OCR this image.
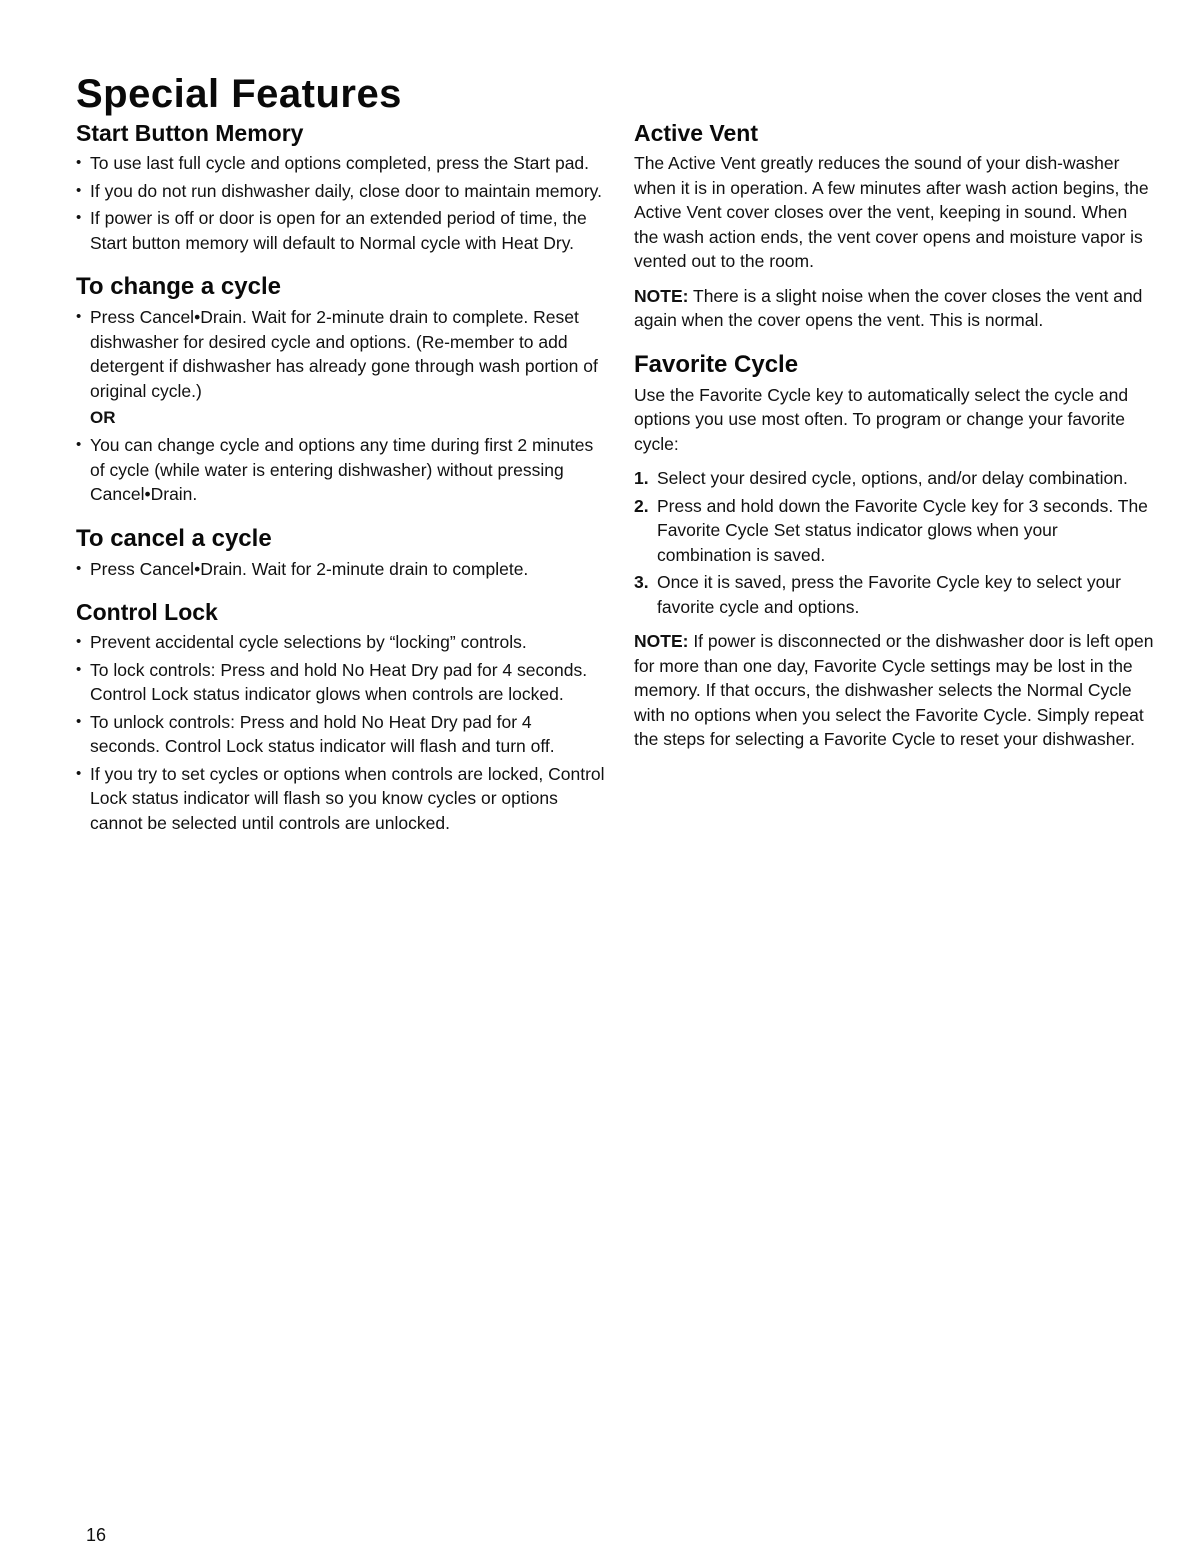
Special Features
Start Button Memory
• To use last full cycle and options completed, press the Start pad.
• If you do not run dishwasher daily, close door to maintain memory.
• If power is off or door is open for an extended period of time, the Start button memory will default to Normal cycle with Heat Dry.
To change a cycle
• Press Cancel•Drain. Wait for 2-minute drain to complete. Reset dishwasher for desired cycle and options. (Re-member to add detergent if dishwasher has already gone through wash portion of original cycle.)
OR
• You can change cycle and options any time during first 2 minutes of cycle (while water is entering dishwasher) without pressing Cancel•Drain.
To cancel a cycle
• Press Cancel•Drain. Wait for 2-minute drain to complete.
Control Lock
• Prevent accidental cycle selections by “locking” controls.
• To lock controls: Press and hold No Heat Dry pad for 4 seconds. Control Lock status indicator glows when controls are locked.
• To unlock controls: Press and hold No Heat Dry pad for 4 seconds. Control Lock status indicator will flash and turn off.
• If you try to set cycles or options when controls are locked, Control Lock status indicator will flash so you know cycles or options cannot be selected until controls are unlocked.
Active Vent

The Active Vent greatly reduces the sound of your dish-washer when it is in operation. A few minutes after wash action begins, the Active Vent cover closes over the vent, keeping in sound. When the wash action ends, the vent cover opens and moisture vapor is vented out to the room.

NOTE: There is a slight noise when the cover closes the vent and again when the cover opens the vent. This is normal.

Favorite Cycle

Use the Favorite Cycle key to automatically select the cycle and options you use most often. To program or change your favorite cycle:

1. Select your desired cycle, options, and/or delay combination.
2. Press and hold down the Favorite Cycle key for 3 seconds. The Favorite Cycle Set status indicator glows when your combination is saved.
3. Once it is saved, press the Favorite Cycle key to select your favorite cycle and options.

NOTE: If power is disconnected or the dishwasher door is left open for more than one day, Favorite Cycle settings may be lost in the memory. If that occurs, the dishwasher selects the Normal Cycle with no options when you select the Favorite Cycle. Simply repeat the steps for selecting a Favorite Cycle to reset your dishwasher.

16
